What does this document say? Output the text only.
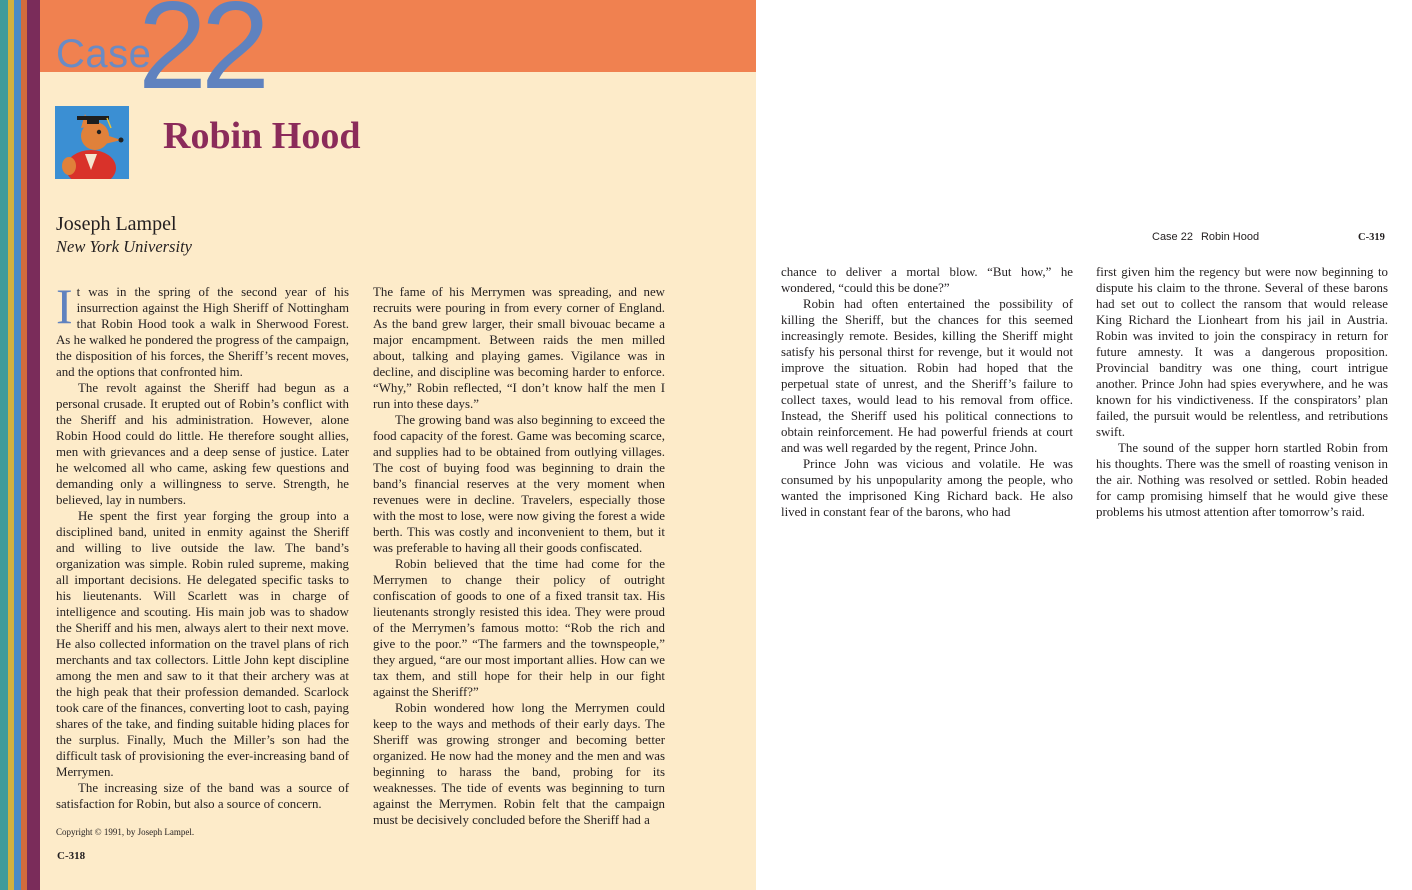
Case
22
Robin Hood
Joseph Lampel
New York University

It was in the spring of the second year of his insurrection against the High Sheriff of Nottingham that Robin Hood took a walk in Sherwood Forest. As he walked he pondered the progress of the campaign, the disposition of his forces, the Sheriff’s recent moves, and the options that confronted him.

The revolt against the Sheriff had begun as a personal crusade. It erupted out of Robin’s conflict with the Sheriff and his administration. However, alone Robin Hood could do little. He therefore sought allies, men with grievances and a deep sense of justice. Later he welcomed all who came, asking few questions and demanding only a willingness to serve. Strength, he believed, lay in numbers.

He spent the first year forging the group into a disciplined band, united in enmity against the Sheriff and willing to live outside the law. The band’s organization was simple. Robin ruled supreme, making all important decisions. He delegated specific tasks to his lieutenants. Will Scarlett was in charge of intelligence and scouting. His main job was to shadow the Sheriff and his men, always alert to their next move. He also collected information on the travel plans of rich merchants and tax collectors. Little John kept discipline among the men and saw to it that their archery was at the high peak that their profession demanded. Scarlock took care of the finances, converting loot to cash, paying shares of the take, and finding suitable hiding places for the surplus. Finally, Much the Miller’s son had the difficult task of provisioning the ever-increasing band of Merrymen.

The increasing size of the band was a source of satisfaction for Robin, but also a source of concern.

The fame of his Merrymen was spreading, and new recruits were pouring in from every corner of England. As the band grew larger, their small bivouac became a major encampment. Between raids the men milled about, talking and playing games. Vigilance was in decline, and discipline was becoming harder to enforce. “Why,” Robin reflected, “I don’t know half the men I run into these days.”

The growing band was also beginning to exceed the food capacity of the forest. Game was becoming scarce, and supplies had to be obtained from outlying villages. The cost of buying food was beginning to drain the band’s financial reserves at the very moment when revenues were in decline. Travelers, especially those with the most to lose, were now giving the forest a wide berth. This was costly and inconvenient to them, but it was preferable to having all their goods confiscated.

Robin believed that the time had come for the Merrymen to change their policy of outright confiscation of goods to one of a fixed transit tax. His lieutenants strongly resisted this idea. They were proud of the Merrymen’s famous motto: “Rob the rich and give to the poor.” “The farmers and the townspeople,” they argued, “are our most important allies. How can we tax them, and still hope for their help in our fight against the Sheriff?”

Robin wondered how long the Merrymen could keep to the ways and methods of their early days. The Sheriff was growing stronger and becoming better organized. He now had the money and the men and was beginning to harass the band, probing for its weaknesses. The tide of events was beginning to turn against the Merrymen. Robin felt that the campaign must be decisively concluded before the Sheriff had a

Copyright © 1991, by Joseph Lampel.
C-318
Case 22 Robin Hood	C-319

chance to deliver a mortal blow. “But how,” he wondered, “could this be done?”

Robin had often entertained the possibility of killing the Sheriff, but the chances for this seemed increasingly remote. Besides, killing the Sheriff might satisfy his personal thirst for revenge, but it would not improve the situation. Robin had hoped that the perpetual state of unrest, and the Sheriff’s failure to collect taxes, would lead to his removal from office. Instead, the Sheriff used his political connections to obtain reinforcement. He had powerful friends at court and was well regarded by the regent, Prince John.

Prince John was vicious and volatile. He was consumed by his unpopularity among the people, who wanted the imprisoned King Richard back. He also lived in constant fear of the barons, who had

first given him the regency but were now beginning to dispute his claim to the throne. Several of these barons had set out to collect the ransom that would release King Richard the Lionheart from his jail in Austria. Robin was invited to join the conspiracy in return for future amnesty. It was a dangerous proposition. Provincial banditry was one thing, court intrigue another. Prince John had spies everywhere, and he was known for his vindictiveness. If the conspirators’ plan failed, the pursuit would be relentless, and retributions swift.

The sound of the supper horn startled Robin from his thoughts. There was the smell of roasting venison in the air. Nothing was resolved or settled. Robin headed for camp promising himself that he would give these problems his utmost attention after tomorrow’s raid.
